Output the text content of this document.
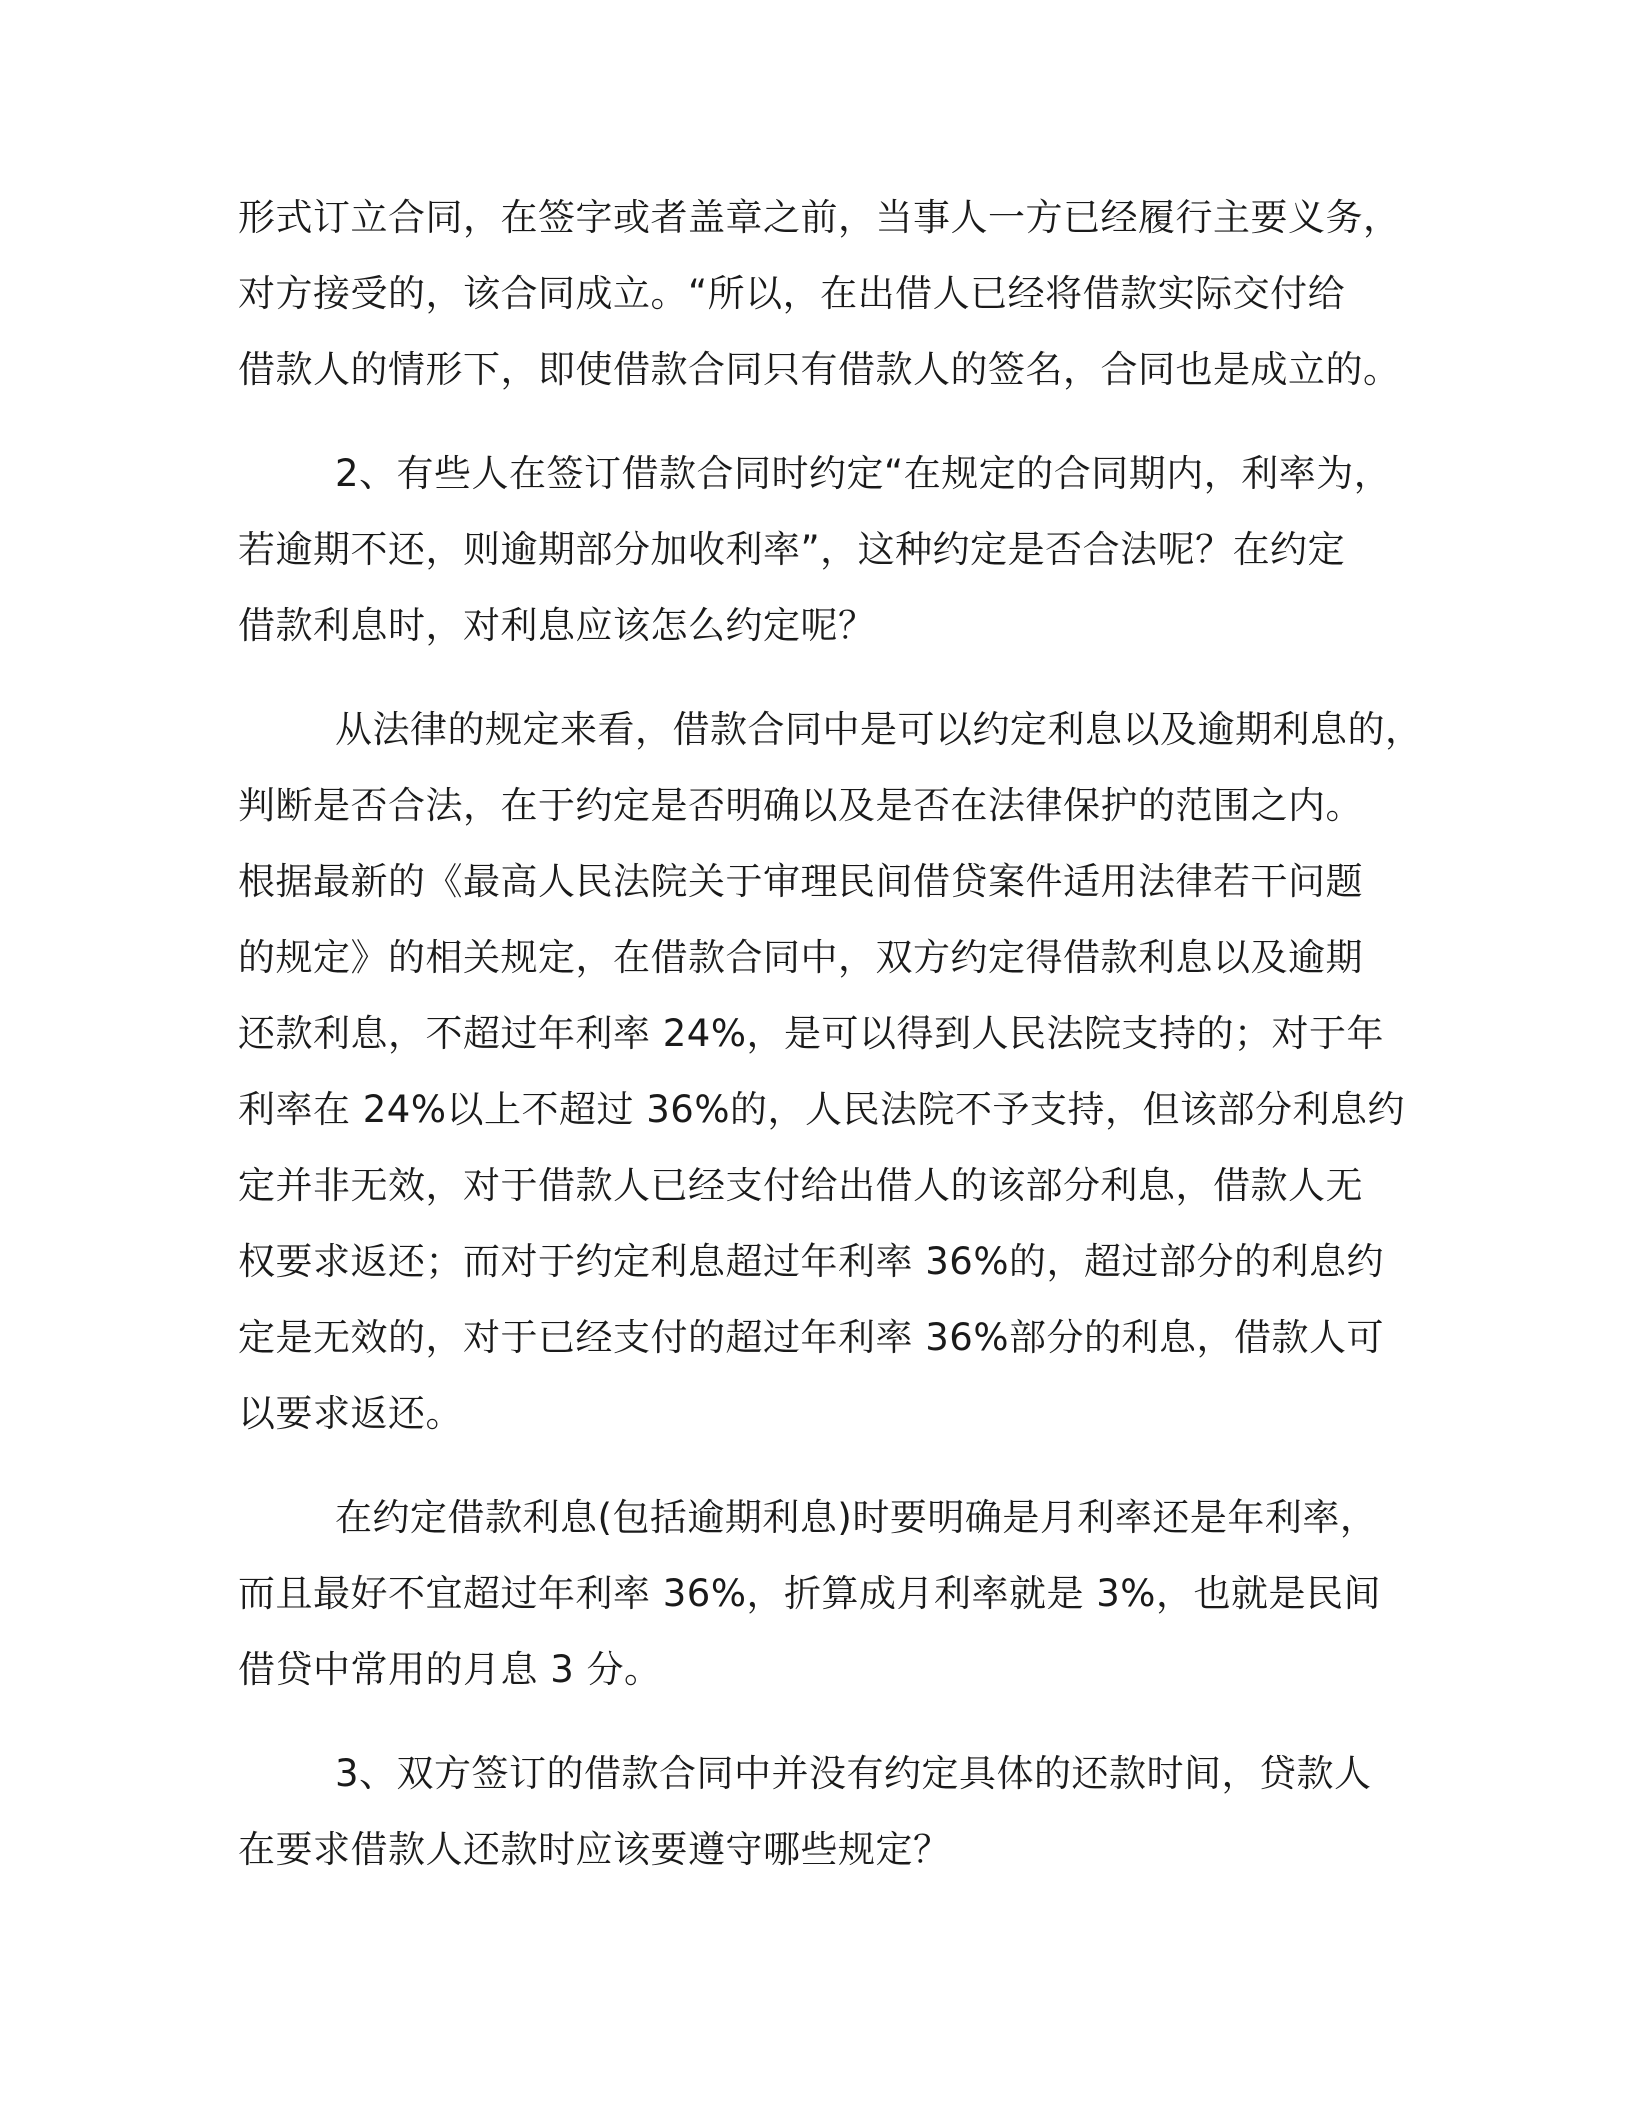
形式订立合同，在签字或者盖章之前，当事人一方已经履行主要义务，
对方接受的，该合同成立。“所以，在出借人已经将借款实际交付给
借款人的情形下，即使借款合同只有借款人的签名，合同也是成立的。
2、有些人在签订借款合同时约定“在规定的合同期内，利率为，
若逾期不还，则逾期部分加收利率”，这种约定是否合法呢？在约定
借款利息时，对利息应该怎么约定呢？
从法律的规定来看，借款合同中是可以约定利息以及逾期利息的，
判断是否合法，在于约定是否明确以及是否在法律保护的范围之内。
根据最新的《最高人民法院关于审理民间借贷案件适用法律若干问题
的规定》的相关规定，在借款合同中，双方约定得借款利息以及逾期
还款利息，不超过年利率 24%，是可以得到人民法院支持的；对于年
利率在 24%以上不超过 36%的，人民法院不予支持，但该部分利息约
定并非无效，对于借款人已经支付给出借人的该部分利息，借款人无
权要求返还；而对于约定利息超过年利率 36%的，超过部分的利息约
定是无效的，对于已经支付的超过年利率 36%部分的利息，借款人可
以要求返还。
在约定借款利息(包括逾期利息)时要明确是月利率还是年利率，
而且最好不宜超过年利率 36%，折算成月利率就是 3%，也就是民间
借贷中常用的月息 3 分。
3、双方签订的借款合同中并没有约定具体的还款时间，贷款人
在要求借款人还款时应该要遵守哪些规定？
